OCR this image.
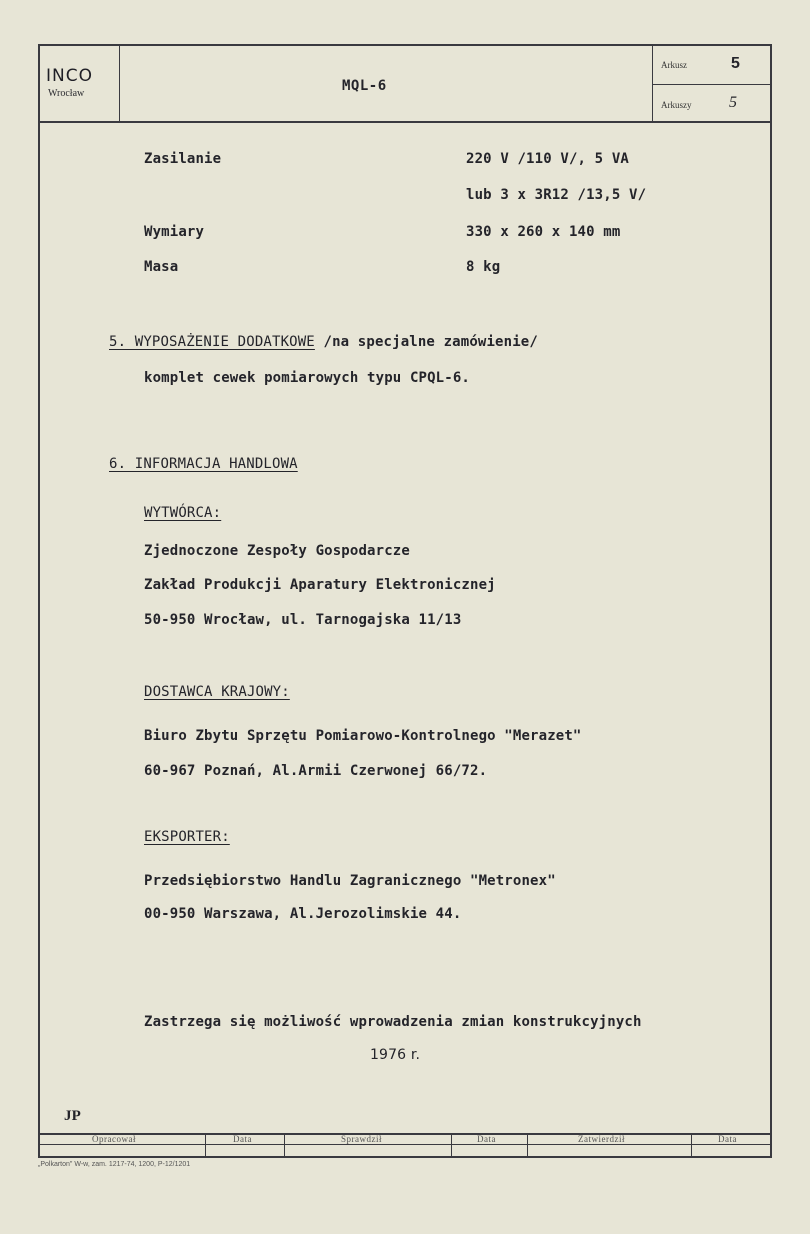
INCO
Wrocław	MQL-6
Arkusz	5
Arkuszy 5
Zasilanie	220 V /110 V/, 5 VA
lub 3 x 3R12 /13,5 V/
Wymiary	330 x 260 x 140 mm
Masa	8 kg
5. WYPOSAŻENIE DODATKOWE /na specjalne zamówienie/
komplet cewek pomiarowych typu CPQL-6.
6. INFORMACJA HANDLOWA
WYTWÓRCA:
Zjednoczone Zespoły Gospodarcze
Zakład Produkcji Aparatury Elektronicznej
50-950 Wrocław, ul. Tarnogajska 11/13
DOSTAWCA KRAJOWY:
Biuro Zbytu Sprzętu Pomiarowo-Kontrolnego "Merazet"
60-967 Poznań, Al.Armii Czerwonej 66/72.
EKSPORTER:
Przedsiębiorstwo Handlu Zagranicznego "Metronex"
00-950 Warszawa, Al.Jerozolimskie 44.
Zastrzega się możliwość wprowadzenia zmian konstrukcyjnych
1976 r.
JP
Opracował	Data	Sprawdził	Data	Zatwierdził	Data
„Polkarton" W-w, zam. 1217-74, 1200, P-12/1201
